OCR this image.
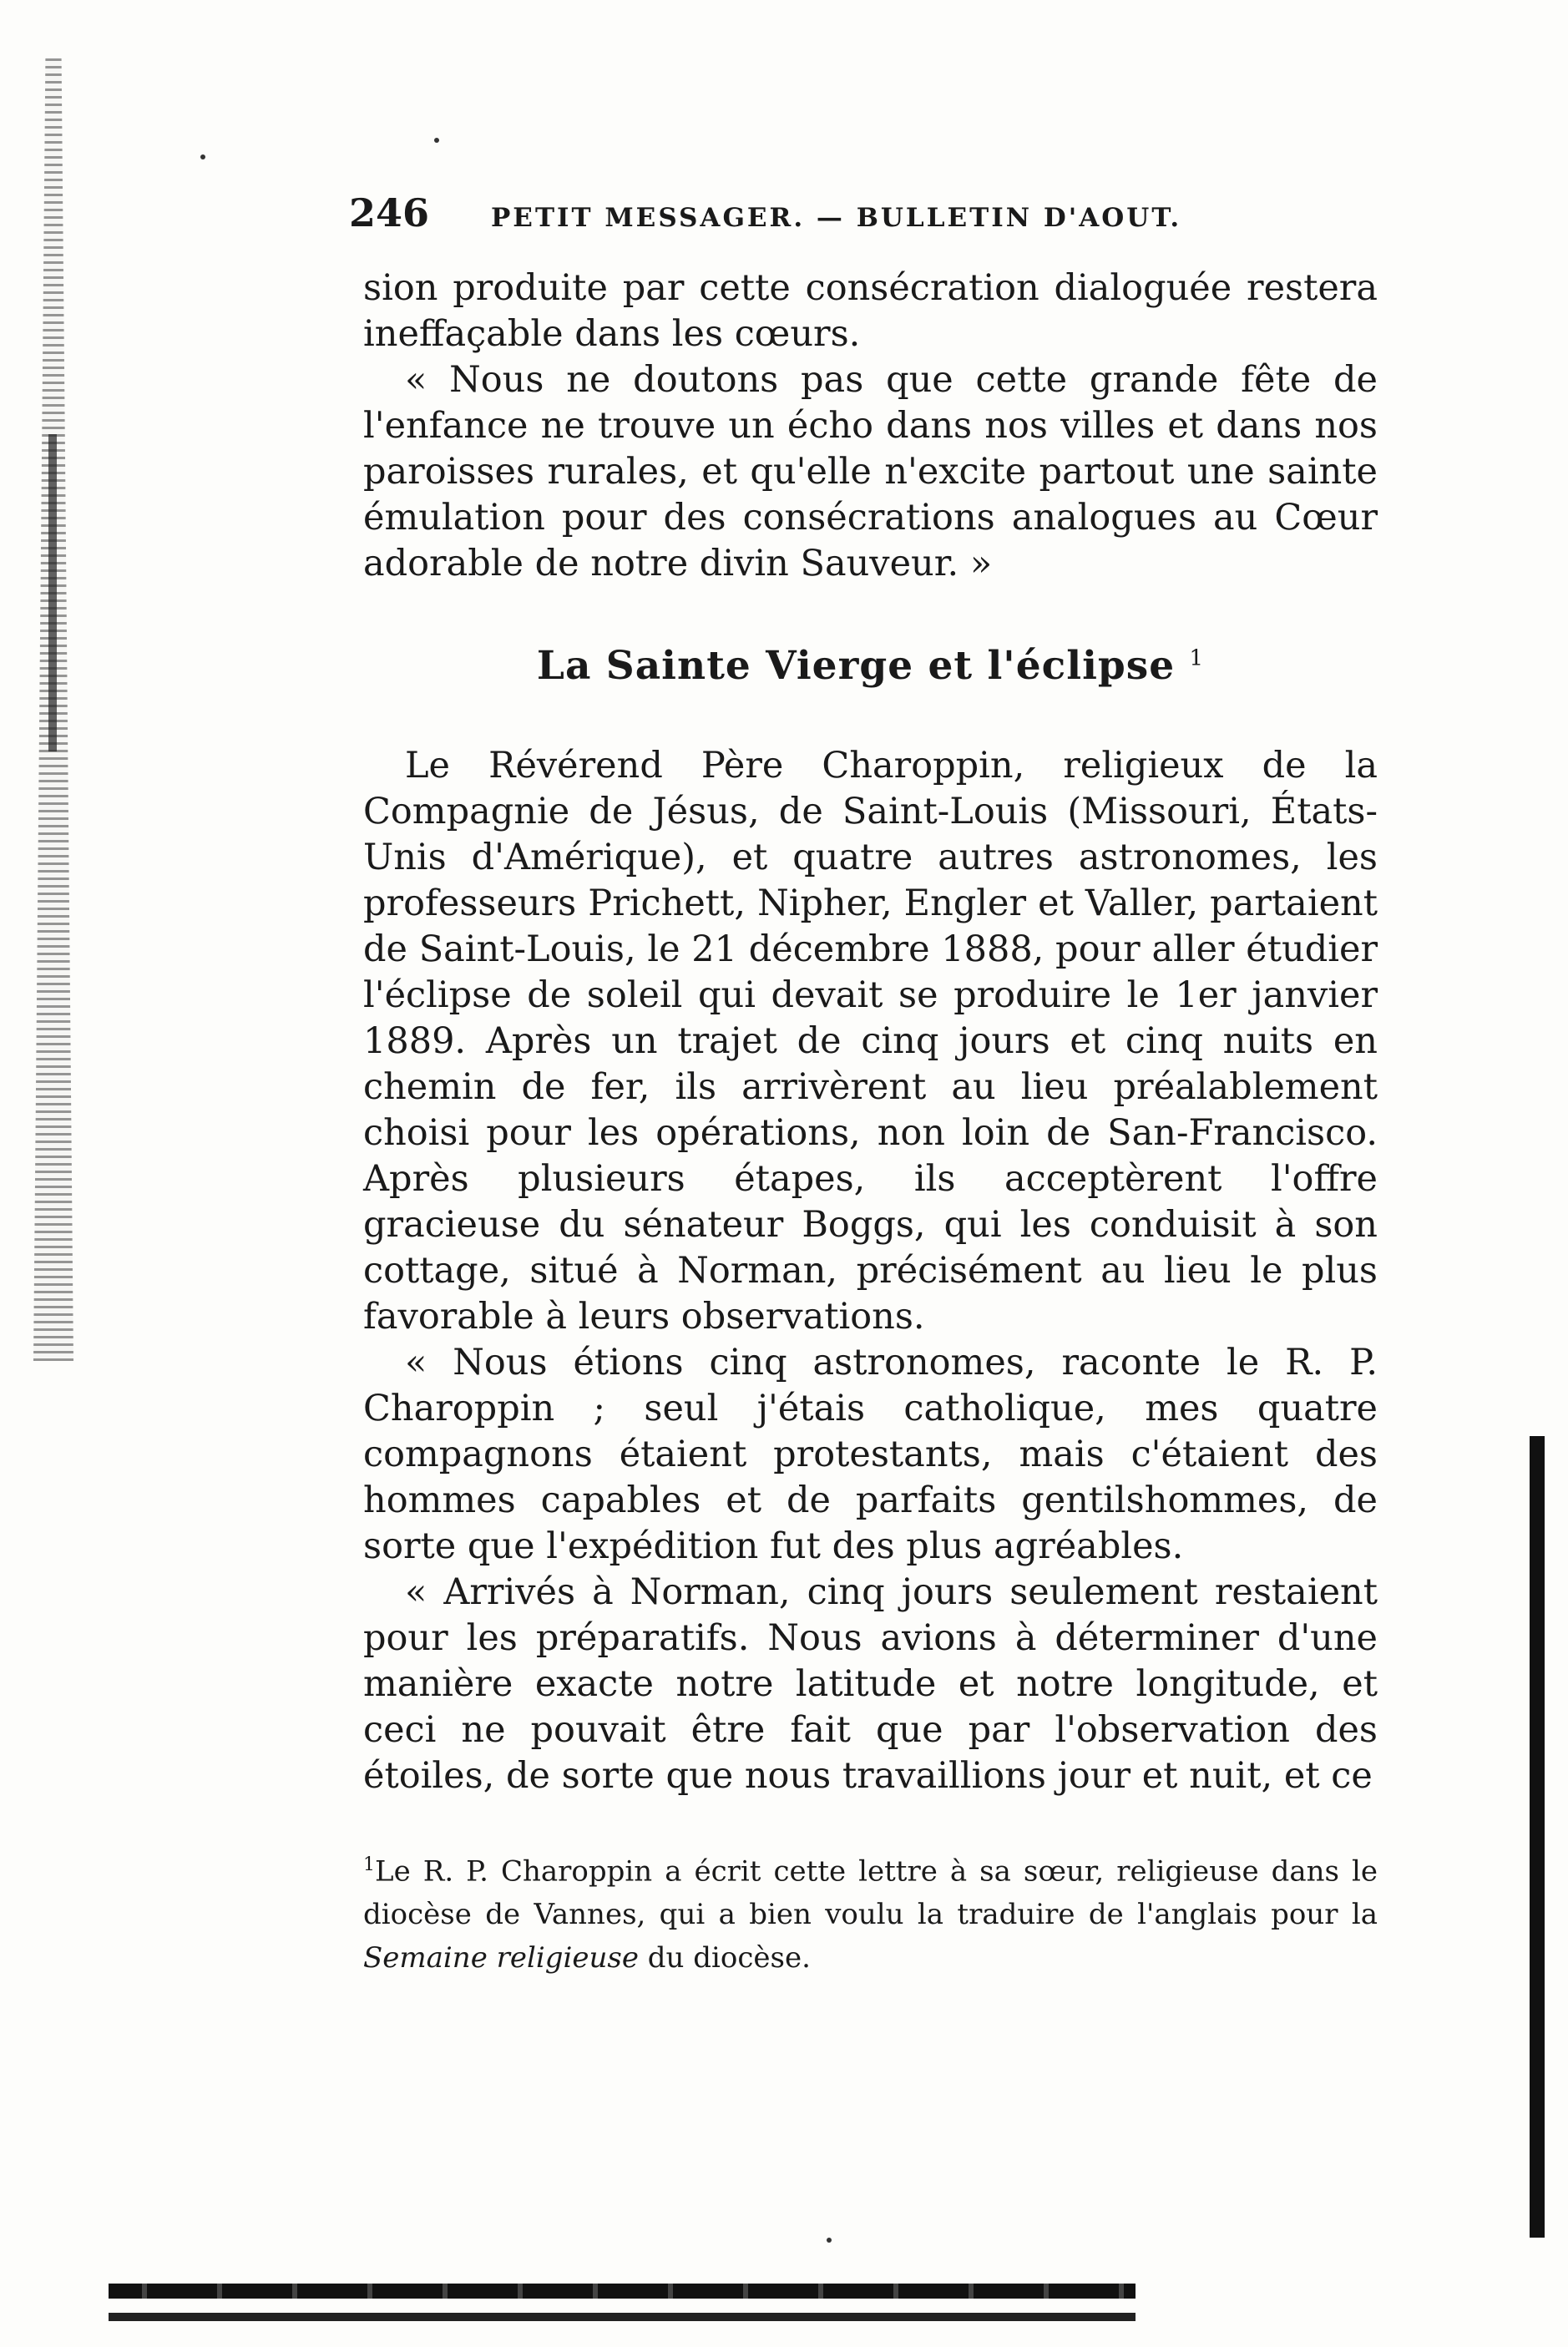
246	PETIT MESSAGER. — BULLETIN D'AOUT.

sion produite par cette consécration dialoguée restera ineffaçable dans les cœurs.

« Nous ne doutons pas que cette grande fête de l'enfance ne trouve un écho dans nos villes et dans nos paroisses rurales, et qu'elle n'excite partout une sainte émulation pour des consécrations analogues au Cœur adorable de notre divin Sauveur. »

La Sainte Vierge et l'éclipse $^1$

Le Révérend Père Charoppin, religieux de la Compagnie de Jésus, de Saint-Louis (Missouri, États-Unis d'Amérique), et quatre autres astronomes, les professeurs Prichett, Nipher, Engler et Valler, partaient de Saint-Louis, le 21 décembre 1888, pour aller étudier l'éclipse de soleil qui devait se produire le 1er janvier 1889. Après un trajet de cinq jours et cinq nuits en chemin de fer, ils arrivèrent au lieu préalablement choisi pour les opérations, non loin de San-Francisco. Après plusieurs étapes, ils acceptèrent l'offre gracieuse du sénateur Boggs, qui les conduisit à son cottage, situé à Norman, précisément au lieu le plus favorable à leurs observations.

« Nous étions cinq astronomes, raconte le R. P. Charoppin ; seul j'étais catholique, mes quatre compagnons étaient protestants, mais c'étaient des hommes capables et de parfaits gentilshommes, de sorte que l'expédition fut des plus agréables.

« Arrivés à Norman, cinq jours seulement restaient pour les préparatifs. Nous avions à déterminer d'une manière exacte notre latitude et notre longitude, et ceci ne pouvait être fait que par l'observation des étoiles, de sorte que nous travaillions jour et nuit, et ce

$^1$Le R. P. Charoppin a écrit cette lettre à sa sœur, religieuse dans le diocèse de Vannes, qui a bien voulu la traduire de l'anglais pour la Semaine religieuse du diocèse.
